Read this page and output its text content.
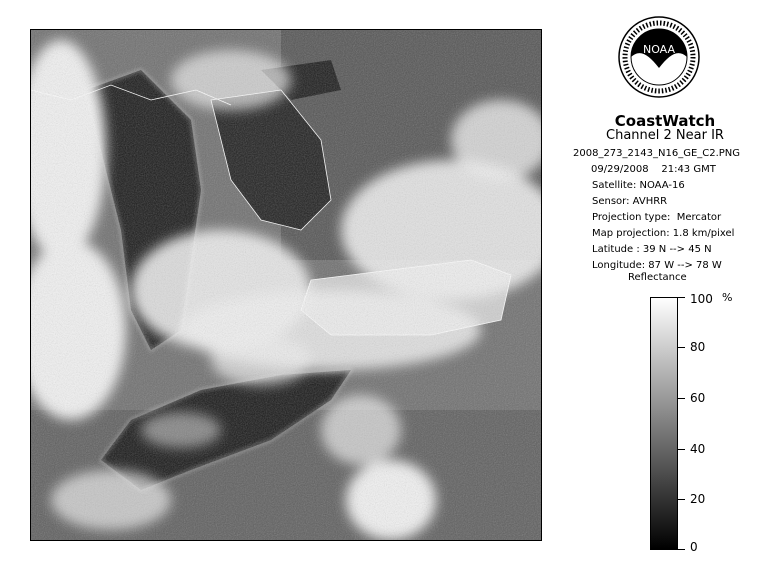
NOAA
CoastWatch
Channel 2 Near IR
2008_273_2143_N16_GE_C2.PNG
09/29/2008    21:43 GMT
Satellite: NOAA-16
Sensor: AVHRR
Projection type:  Mercator
Map projection: 1.8 km/pixel
Latitude : 39 N --> 45 N
Longitude: 87 W --> 78 W
Reflectance
%
100
80
60
40
20
0
